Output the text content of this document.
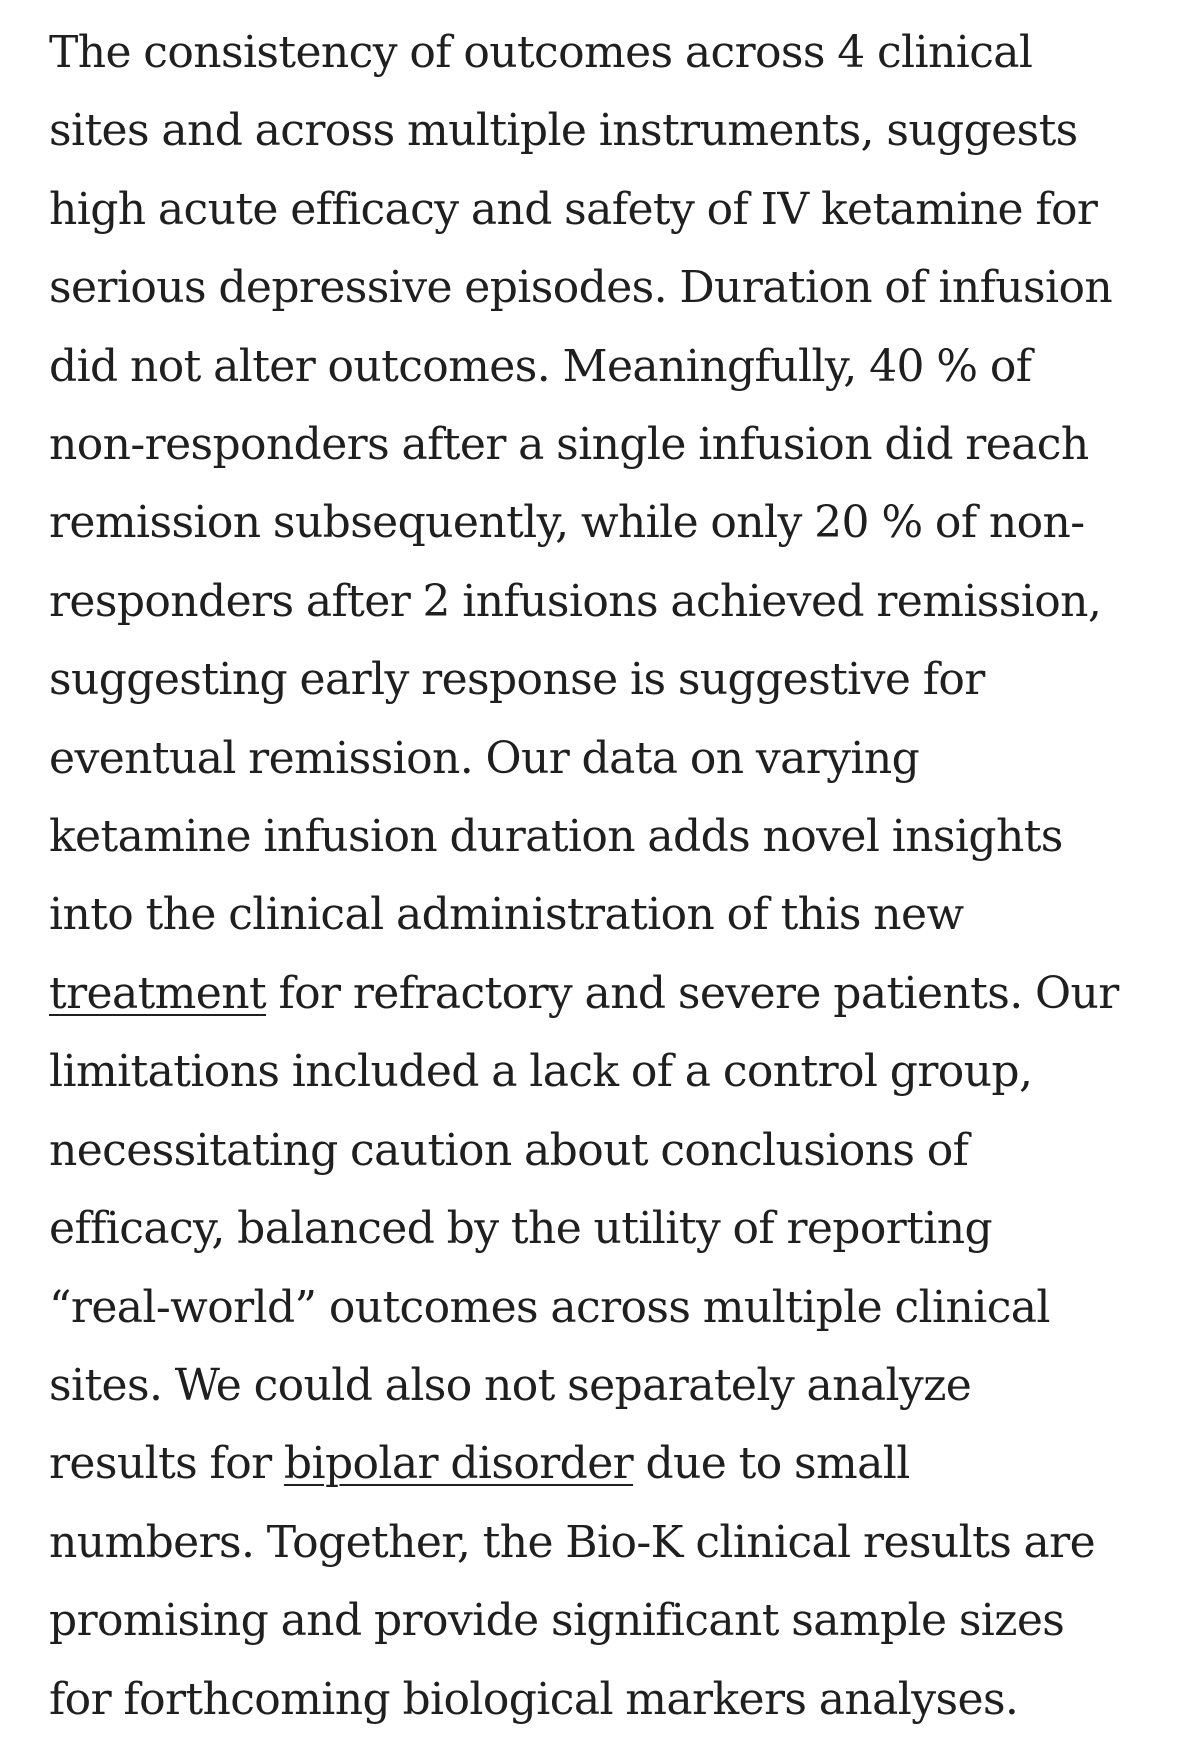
The consistency of outcomes across 4 clinical
sites and across multiple instruments, suggests
high acute efficacy and safety of IV ketamine for
serious depressive episodes. Duration of infusion
did not alter outcomes. Meaningfully, 40 % of
non-responders after a single infusion did reach
remission subsequently, while only 20 % of non-
responders after 2 infusions achieved remission,
suggesting early response is suggestive for
eventual remission. Our data on varying
ketamine infusion duration adds novel insights
into the clinical administration of this new
treatment for refractory and severe patients. Our
limitations included a lack of a control group,
necessitating caution about conclusions of
efficacy, balanced by the utility of reporting
“real-world” outcomes across multiple clinical
sites. We could also not separately analyze
results for bipolar disorder due to small
numbers. Together, the Bio-K clinical results are
promising and provide significant sample sizes
for forthcoming biological markers analyses.
